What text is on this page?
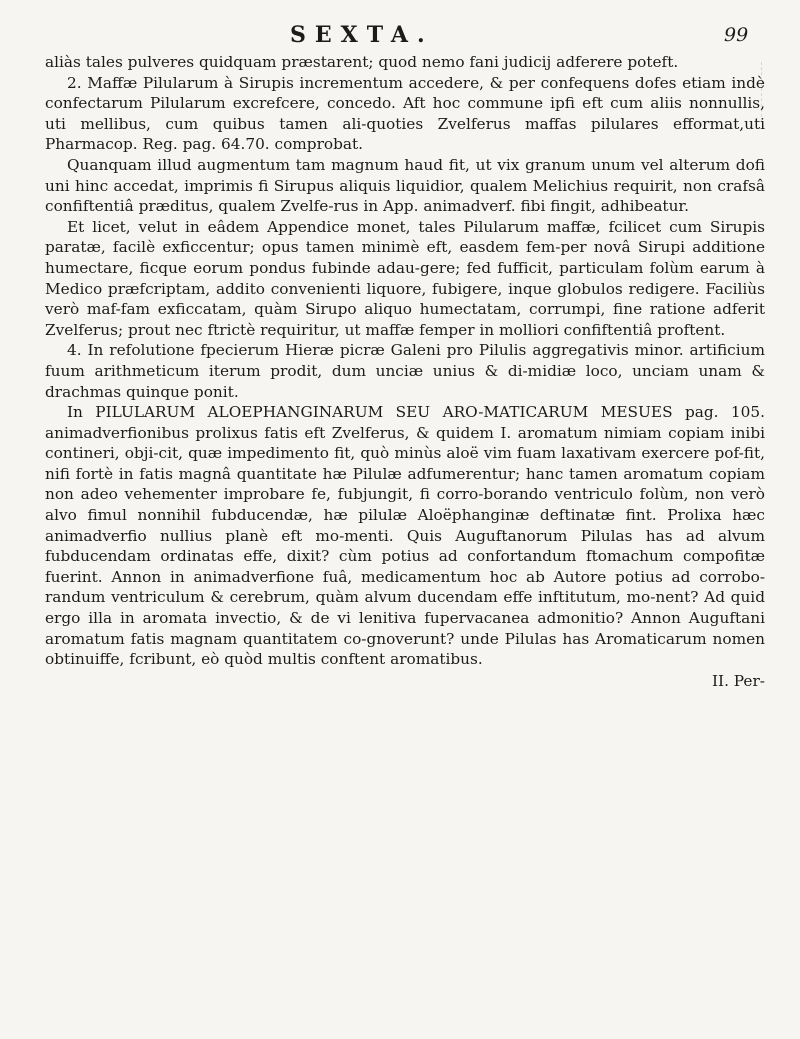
SEXTA.	99

aliàs tales pulveres quidquam præstarent; quod nemo fani judicij adferere poteft.

2. Maffæ Pilularum à Sirupis incrementum accedere, & per confequens dofes etiam indè confectarum Pilularum excrefcere, concedo. Aft hoc commune ipfi eft cum aliis nonnullis, uti mellibus, cum quibus tamen ali-quoties Zvelferus maffas pilulares efformat,uti Pharmacop. Reg. pag. 64.70. comprobat.

Quanquam illud augmentum tam magnum haud fit, ut vix granum unum vel alterum dofi uni hinc accedat, imprimis fi Sirupus aliquis liquidior, qualem Melichius requirit, non crafsâ confiftentiâ præditus, qualem Zvelfe-rus in App. animadverf. fibi fingit, adhibeatur.

Et licet, velut in eâdem Appendice monet, tales Pilularum maffæ, fcilicet cum Sirupis paratæ, facilè exficcentur; opus tamen minimè eft, easdem fem-per novâ Sirupi additione humectare, ficque eorum pondus fubinde adau-gere; fed fufficit, particulam folùm earum à Medico præfcriptam, addito convenienti liquore, fubigere, inque globulos redigere. Faciliùs verò maf-fam exficcatam, quàm Sirupo aliquo humectatam, corrumpi, fine ratione adferit Zvelferus; prout nec ftrictè requiritur, ut maffæ femper in molliori confiftentiâ proftent.

4. In refolutione fpecierum Hieræ picræ Galeni pro Pilulis aggregativis minor. artificium fuum arithmeticum iterum prodit, dum unciæ unius & di-midiæ loco, unciam unam & drachmas quinque ponit.

In PILULARUM ALOEPHANGINARUM SEU ARO-MATICARUM MESUES pag. 105. animadverfionibus prolixus fatis eft Zvelferus, & quidem I. aromatum nimiam copiam inibi contineri, obji-cit, quæ impedimento fit, quò minùs aloë vim fuam laxativam exercere pof-fit, nifi fortè in fatis magnâ quantitate hæ Pilulæ adfumerentur; hanc tamen aromatum copiam non adeo vehementer improbare fe, fubjungit, fi corro-borando ventriculo folùm, non verò alvo fimul nonnihil fubducendæ, hæ pilulæ Aloëphanginæ deftinatæ fint. Prolixa hæc animadverfio nullius planè eft mo-menti. Quis Auguftanorum Pilulas has ad alvum fubducendam ordinatas effe, dixit? cùm potius ad confortandum ftomachum compofitæ fuerint. Annon in animadverfione fuâ, medicamentum hoc ab Autore potius ad corrobo-randum ventriculum & cerebrum, quàm alvum ducendam effe inftitutum, mo-nent? Ad quid ergo illa in aromata invectio, & de vi lenitiva fupervacanea admonitio? Annon Auguftani aromatum fatis magnam quantitatem co-gnoverunt? unde Pilulas has Aromaticarum nomen obtinuiffe, fcribunt, eò quòd multis conftent aromatibus.

II. Per-
